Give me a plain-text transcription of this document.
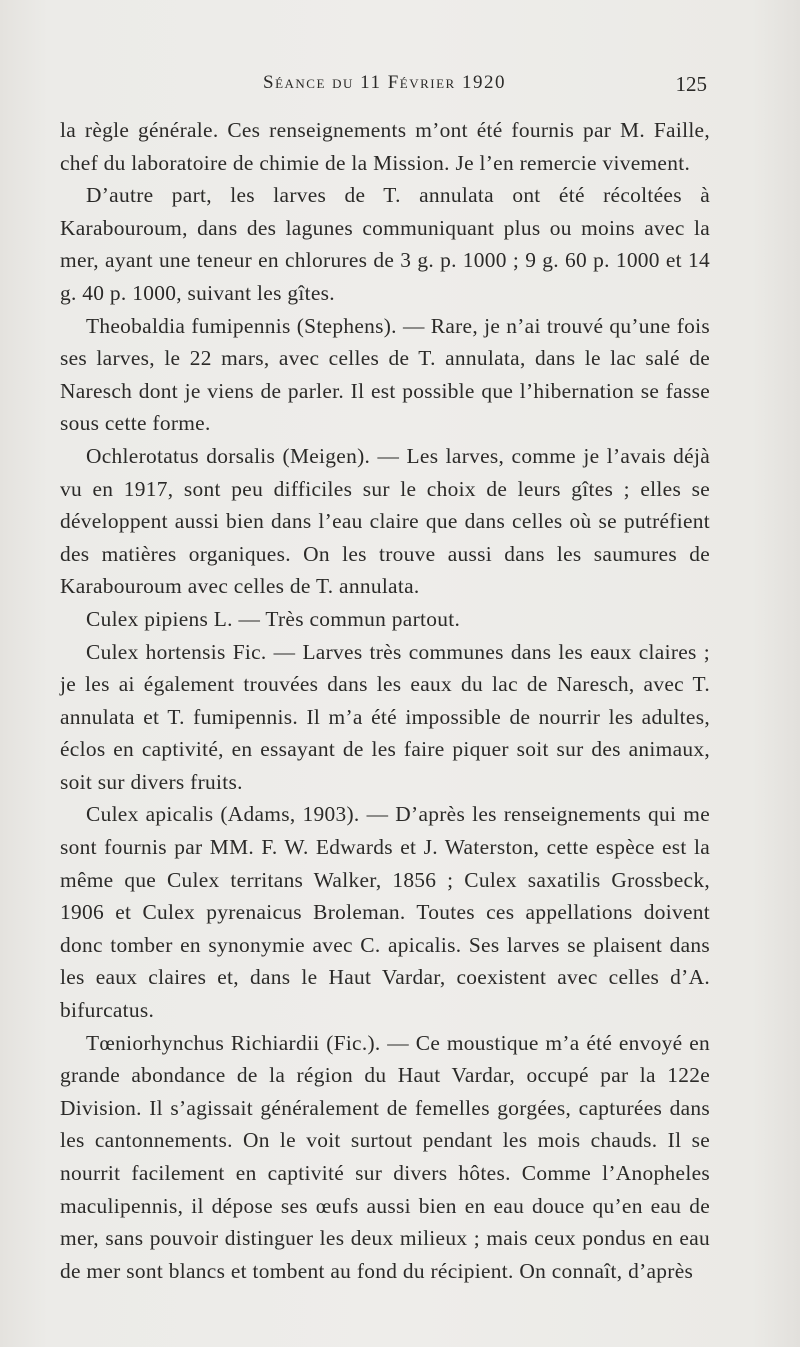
Séance du 11 Février 1920	125

la règle générale. Ces renseignements m’ont été fournis par M. Faille, chef du laboratoire de chimie de la Mission. Je l’en remercie vivement.

D’autre part, les larves de T. annulata ont été récoltées à Karabouroum, dans des lagunes communiquant plus ou moins avec la mer, ayant une teneur en chlorures de 3 g. p. 1000 ; 9 g. 60 p. 1000 et 14 g. 40 p. 1000, suivant les gîtes.

Theobaldia fumipennis (Stephens). — Rare, je n’ai trouvé qu’une fois ses larves, le 22 mars, avec celles de T. annulata, dans le lac salé de Naresch dont je viens de parler. Il est possible que l’hibernation se fasse sous cette forme.

Ochlerotatus dorsalis (Meigen). — Les larves, comme je l’avais déjà vu en 1917, sont peu difficiles sur le choix de leurs gîtes ; elles se développent aussi bien dans l’eau claire que dans celles où se putréfient des matières organiques. On les trouve aussi dans les saumures de Karabouroum avec celles de T. annulata.

Culex pipiens L. — Très commun partout.

Culex hortensis Fic. — Larves très communes dans les eaux claires ; je les ai également trouvées dans les eaux du lac de Naresch, avec T. annulata et T. fumipennis. Il m’a été impossible de nourrir les adultes, éclos en captivité, en essayant de les faire piquer soit sur des animaux, soit sur divers fruits.

Culex apicalis (Adams, 1903). — D’après les renseignements qui me sont fournis par MM. F. W. Edwards et J. Waterston, cette espèce est la même que Culex territans Walker, 1856 ; Culex saxatilis Grossbeck, 1906 et Culex pyrenaicus Broleman. Toutes ces appellations doivent donc tomber en synonymie avec C. apicalis. Ses larves se plaisent dans les eaux claires et, dans le Haut Vardar, coexistent avec celles d’A. bifurcatus.

Tœniorhynchus Richiardii (Fic.). — Ce moustique m’a été envoyé en grande abondance de la région du Haut Vardar, occupé par la 122e Division. Il s’agissait généralement de femelles gorgées, capturées dans les cantonnements. On le voit surtout pendant les mois chauds. Il se nourrit facilement en captivité sur divers hôtes. Comme l’Anopheles maculipennis, il dépose ses œufs aussi bien en eau douce qu’en eau de mer, sans pouvoir distinguer les deux milieux ; mais ceux pondus en eau de mer sont blancs et tombent au fond du récipient. On connaît, d’après
